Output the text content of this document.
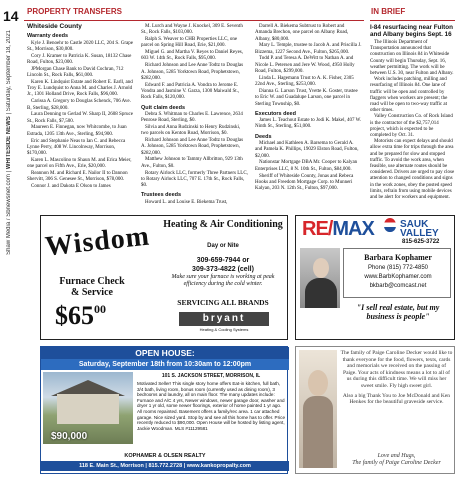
14
Shaw Media / Sbnewsnet.com | WHITESIDE NEWS | Saturday, September 18, 2021
PROPERTY TRANSFERS	IN BRIEF
Whiteside County
Warranty deeds

Kyle J. Benoehr to Castle 2020 LLC, 204 S. Grape St., Morrison, $30,000.

Cory J. Kramer to Patricia K. Susan, 18132 Chase Road, Fulton, $23,000.

JPMorgan Chase Bank to David Cochran, 712 Lincoln St., Rock Falls, $61,000.

Karen K. Lindquist Estate and Robert E. Earll, and Troy E. Lundquist to Anna M. and Charles J. Arnold Jr., 1301 Holland Drive, Rock Falls, $96,000.

Carissa A. Gregory to Douglas Schenck, 706 Ave. B, Sterling, $28,000.

Laura Denning to Gerlad W. Sharp II, 2608 Spruce St., Rock Falls, $7,500.

Maureen E. Finnegan, now Whitcombe, to Juan Estrada, 1205 13th Ave., Sterling, $94,900.

Eric and Stephanie Neas to Ian C. and Rebecca Lynne Perry, 408 W. Lincolnway, Morrison, $170,000.

Karen L. Mascolino to Shaun M. and Erica Meier, one parcel on Fifth Ave., Erie, $20,000.

Reannon M. and Richard E. Nailor II to Dannon Shervitt, 306 S. Genesee St., Morrison, $78,000.

Connor J. and Dakota E Olson to James

M. Lurch and Wayne J. Knockel, 309 E. Seventh St., Rock Falls, $103,000.

Ralph S. Weaver to CHB Properties LLC, one parcel on Spring Hill Road, Erie, $21,000.

Miguel G. and Martha V. Reyes to Daniel Reyes, 603 W. 14th St., Rock Falls, $95,000.

Richard Johnson and Lee Anne Todtz to Douglas A. Johnson, 5285 Yorktown Road, Prophetstown, $282,000.

Edward F. and Patricia A. Vondra to Jerome E. Vondra and Jasmine V. Garza, 1300 Maiwald St., Rock Falls, $120,000.

Quit claim deeds

Debra S. Whitman to Charles E. Lawrence, 2634 Penrose Road, Sterling, $0.

Silvia and Anna Rudzinski to Henry Rudzinski, two parcels on Kenton Road, Morrison, $0.

Richard Johnson and Lee Anne Todtz to Douglas A. Johnson, 5285 Yorktown Road, Prophetstown, $282,000.

Matthew Johnson to Tammy Allbritton, 929 13th Ave., Fulton, $0.

Rotary Airlock LLC, formerly Three Partners LLC, to Rotary Airlock LLC, 707 E. 17th St., Rock Falls, $0.

Trustees deeds

Howard L. and Louise E. Biekema Trust,

Darrell A. Biekema Subtrust to Robert and Amanda Brechon, one parcel on Albany Road, Albany, $80,000.

Mary L. Temple, trustee to Jacob A. and Priscilla J. Bizzema, 1227 Second Ave., Fulton, $265,000.

Todd P. and Teresa A. DeWitt to Nathan A. and Nicole L. Petersen and Jere W. Wood, 4950 Holly Road, Fulton, $299,000.

Linda L. Hagemann Trust to A. K. Fisher, 2305 22nd Ave., Sterling, $253,000.

Dianna G. Larson Trust, Yvette K. Goster, trustee to Eric W. and Guadalupe Larson, one parcel in Sterling Township, $0.

Executors deed

James L. Teachout Estate to Jodi K. Makel, 407 W. Ninth St., Sterling, $51,000.

Deeds

Michael and Kathleen A. Barsema to Gerald A. and Pamela K. Phillips, 19029 Elston Road, Fulton, $2,000.

Nationstar Mortgage DBA Mr. Cooper to Kalyan Enterprises LLC, 8 N. 10th St., Fulton, $84,000.

Sheriff of Whiteside County, Jonas and Rebeca Hooks and Freedom Mortgage Corp. to Munneri Kalyan, 203 N. 12th St., Fulton, $97,000.

I-84 resurfacing near Fulton and Albany begins Sept. 16

The Illinois Department of Transportation announced that construction on Illinois 84 in Whiteside County will begin Thursday, Sept. 16, weather permitting. The work will be between U.S. 30, near Fulton and Albany.

Work includes patching, milling and resurfacing of Illinois 84. One lane of traffic will be open and controlled by flaggers when workers are present; the road will be open to two-way traffic at other times.

Valley Construction Co. of Rock Island is the contractor of the $2,757,014 project, which is expected to be completed by Oct. 31.

Motorists can expect delays and should allow extra time for trips through the area and be prepared for slow and stopped traffic. To avoid the work area, when feasible, use alternate routes should be considered. Drivers are urged to pay close attention to changed conditions and signs in the work zones, obey the posted speed limits, refrain from using mobile devices and be alert for workers and equipment.

Wisdom
Furnace Check & Service
$\$65^{00}$
Heating & Air Conditioning
Day or Nite
309-659-7944 or
309-373-4822 (cell)
Make sure your furnace is working at peak efficiency during the cold winter.
SERVICING ALL BRANDS
bryant
Heating & Cooling Systems
RE/MAX	SAUK VALLEY
815-625-3722
Barbara Kophamer
Phone (815) 772-4850
www.BarbKophamer.com
bkbarb@comcast.net
"I sell real estate, but my business is people"
OPEN HOUSE:
Saturday, September 18th from 10:30am to 12:00pm
$90,000
101 S. JACKSON STREET, MORRISON, IL
Motivated Seller! This single story home offers Eat-in kitchen, full bath, 3/4 bath, living room, bonus room (currently used as dining room), 3 bedrooms and laundry, all on main floor. The many updates include: Furnace and A/C 4 yrs, Newer windows, newer garage door, washer and dryer 1 yr old, some newer floorings, exterior of home painted 1 yr ago. All rooms repainted. Basement offers a family/rec area. 1 car attached garage. Nice sized yard. Stop by and see all this home has to offer. Price recently reduced to $90,000. Open House will be hosted by listing agent, Jackie Woodman. MLS #11129581
KOPHAMER & OLSEN REALTY
118 E. Main St., Morrison | 815.772.2728 | www.kankopropalty.com
The family of Paige Caroline Decker would like to thank everyone for the food, flowers, texts, cards and memorials we received on the passing of Paige. Your acts of kindness means a lot to all of us during this difficult time. We will miss her sweet smile. Fly high sweet girl.
Also a big Thank You to Joe McDonald and Ken Henkes for the beautiful graveside service.
Love and Hugs,
The family of Paige Caroline Decker
